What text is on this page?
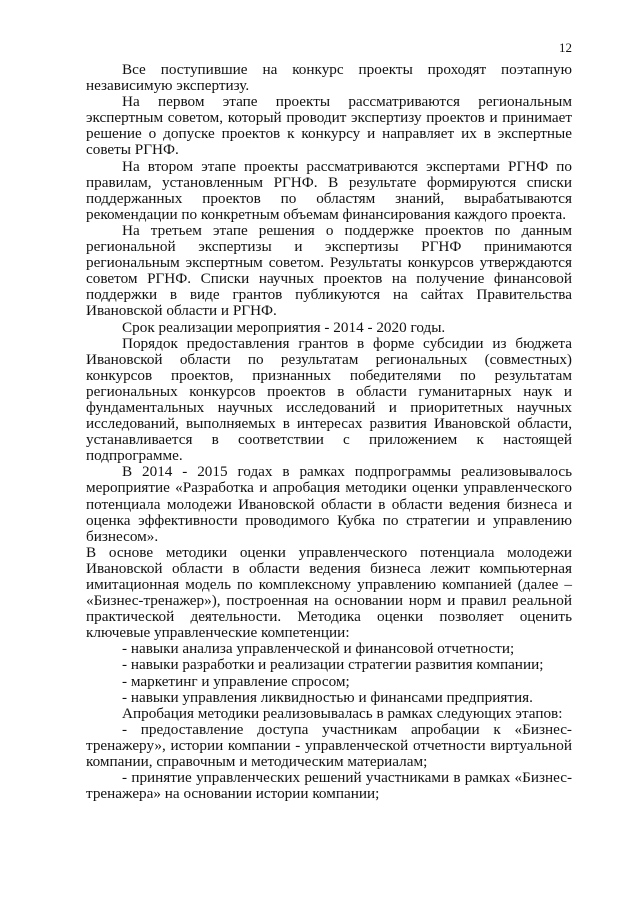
12

Все поступившие на конкурс проекты проходят поэтапную независимую экспертизу.

На первом этапе проекты рассматриваются региональным экспертным советом, который проводит экспертизу проектов и принимает решение о допуске проектов к конкурсу и направляет их в экспертные советы РГНФ.

На втором этапе проекты рассматриваются экспертами РГНФ по правилам, установленным РГНФ. В результате формируются списки поддержанных проектов по областям знаний, вырабатываются рекомендации по конкретным объемам финансирования каждого проекта.

На третьем этапе решения о поддержке проектов по данным региональной экспертизы и экспертизы РГНФ принимаются региональным экспертным советом. Результаты конкурсов утверждаются советом РГНФ. Списки научных проектов на получение финансовой поддержки в виде грантов публикуются на сайтах Правительства Ивановской области и РГНФ.

Срок реализации мероприятия - 2014 - 2020 годы.

Порядок предоставления грантов в форме субсидии из бюджета Ивановской области по результатам региональных (совместных) конкурсов проектов, признанных победителями по результатам региональных конкурсов проектов в области гуманитарных наук и фундаментальных научных исследований и приоритетных научных исследований, выполняемых в интересах развития Ивановской области, устанавливается в соответствии с приложением к настоящей подпрограмме.

В 2014 - 2015 годах в рамках подпрограммы реализовывалось мероприятие «Разработка и апробация методики оценки управленческого потенциала молодежи Ивановской области в области ведения бизнеса и оценка эффективности проводимого Кубка по стратегии и управлению бизнесом».

В основе методики оценки управленческого потенциала молодежи Ивановской области в области ведения бизнеса лежит компьютерная имитационная модель по комплексному управлению компанией (далее – «Бизнес-тренажер»), построенная на основании норм и правил реальной практической деятельности. Методика оценки позволяет оценить ключевые управленческие компетенции:

- навыки анализа управленческой и финансовой отчетности;

- навыки разработки и реализации стратегии развития компании;

- маркетинг и управление спросом;

- навыки управления ликвидностью и финансами предприятия.

Апробация методики реализовывалась в рамках следующих этапов:

- предоставление доступа участникам апробации к «Бизнес-тренажеру», истории компании - управленческой отчетности виртуальной компании, справочным и методическим материалам;

- принятие управленческих решений участниками в рамках «Бизнес-тренажера» на основании истории компании;
